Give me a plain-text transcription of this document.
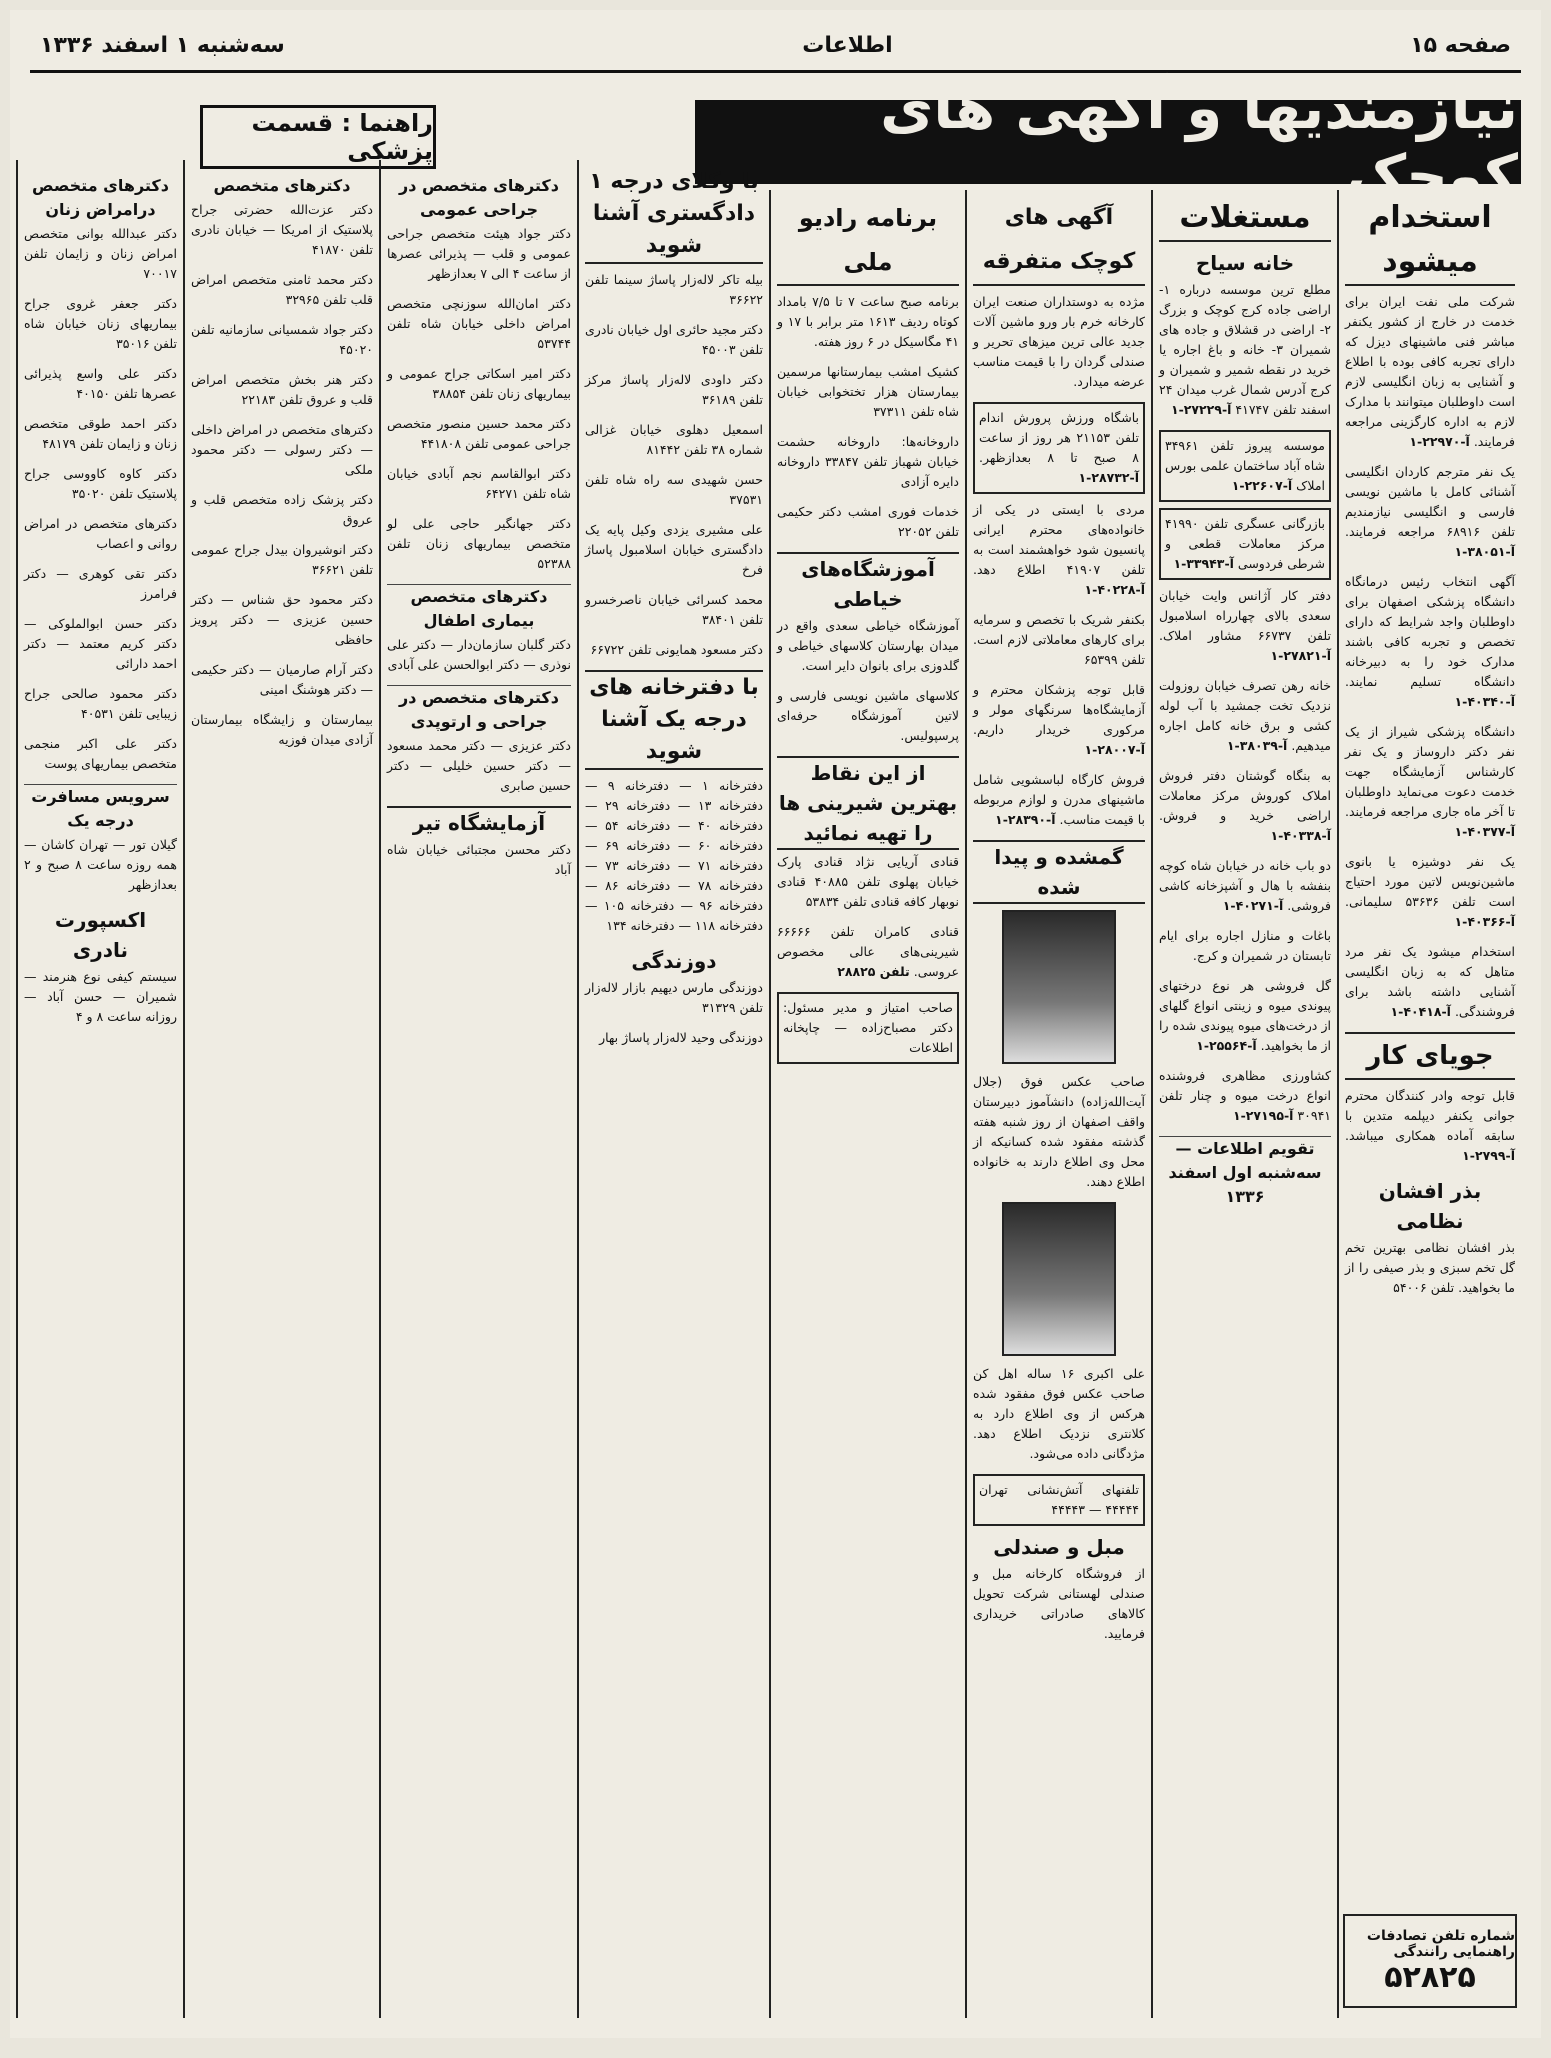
صفحه ۱۵
اطلاعات
سه‌شنبه ۱ اسفند ۱۳۳۶
نیازمندیها و آگهی های کوچک
راهنما : قسمت پزشکی
استخدام میشود

شرکت ملی نفت ایران برای خدمت در خارج از کشور یکنفر مباشر فنی ماشینهای دیزل که دارای تجربه کافی بوده با اطلاع و آشنایی به زبان انگلیسی لازم است داوطلبان میتوانند با مدارک لازم به اداره کارگزینی مراجعه فرمایند. آ-۲۲۹۷۰-۱

یک نفر مترجم کاردان انگلیسی آشنائی کامل با ماشین نویسی فارسی و انگلیسی نیازمندیم تلفن ۶۸۹۱۶ مراجعه فرمایند. آ-۳۸۰۵۱-۱

آگهی انتخاب رئیس درمانگاه دانشگاه پزشکی اصفهان برای داوطلبان واجد شرایط که دارای تخصص و تجربه کافی باشند مدارک خود را به دبیرخانه دانشگاه تسلیم نمایند. آ-۴۰۳۴۰-۱

دانشگاه پزشکی شیراز از یک نفر دکتر داروساز و یک نفر کارشناس آزمایشگاه جهت خدمت دعوت می‌نماید داوطلبان تا آخر ماه جاری مراجعه فرمایند. آ-۴۰۳۷۷-۱

یک نفر دوشیزه یا بانوی ماشین‌نویس لاتین مورد احتیاج است تلفن ۵۳۶۳۶ سلیمانی. آ-۴۰۳۶۶-۱

استخدام میشود یک نفر مرد متاهل که به زبان انگلیسی آشنایی داشته باشد برای فروشندگی. آ-۴۰۴۱۸-۱

جویای کار

قابل توجه وادر کنندگان محترم جوانی یکنفر دیپلمه متدین با سابقه آماده همکاری میباشد. آ-۲۷۹۹-۱

بذر افشان نظامی

بذر افشان نظامی بهترین تخم گل تخم سبزی و بذر صیفی را از ما بخواهید. تلفن ۵۴۰۰۶

مستغلات
خانه سیاح

مطلع ترین موسسه درباره ۱- اراضی جاده کرج کوچک و بزرگ ۲- اراضی در قشلاق و جاده های شمیران ۳- خانه و باغ اجاره یا خرید در نقطه شمیر و شمیران و کرج آدرس شمال غرب میدان ۲۴ اسفند تلفن ۴۱۷۴۷ آ-۲۷۲۲۹-۱

موسسه پیروز تلفن ۳۴۹۶۱ شاه آباد ساختمان علمی بورس املاک آ-۲۲۶۰۷-۱
بازرگانی عسگری تلفن ۴۱۹۹۰ مرکز معاملات قطعی و شرطی فردوسی آ-۳۳۹۴۳-۱

دفتر کار آژانس وایت خیابان سعدی بالای چهارراه اسلامبول تلفن ۶۶۷۳۷ مشاور املاک. آ-۲۷۸۲۱-۱

خانه رهن تصرف خیابان روزولت نزدیک تخت جمشید با آب لوله کشی و برق خانه کامل اجاره میدهیم. آ-۳۸۰۳۹-۱

به بنگاه گوشتان دفتر فروش املاک کوروش مرکز معاملات اراضی خرید و فروش. آ-۴۰۳۳۸-۱

دو باب خانه در خیابان شاه کوچه بنفشه با هال و آشپزخانه کاشی فروشی. آ-۴۰۲۷۱-۱

باغات و منازل اجاره برای ایام تابستان در شمیران و کرج.

گل فروشی هر نوع درختهای پیوندی میوه و زینتی انواع گلهای از درخت‌های میوه پیوندی شده را از ما بخواهید. آ-۲۵۵۶۴-۱

کشاورزی مظاهری فروشنده انواع درخت میوه و چنار تلفن ۳۰۹۴۱ آ-۲۷۱۹۵-۱

تقویم اطلاعات — سه‌شنبه اول اسفند ۱۳۳۶
آگهی های کوچک متفرقه

مژده به دوستداران صنعت ایران کارخانه خرم بار ورو ماشین آلات جدید عالی ترین میزهای تحریر و صندلی گردان را با قیمت مناسب عرضه میدارد.

باشگاه ورزش پرورش اندام تلفن ۲۱۱۵۳ هر روز از ساعت ۸ صبح تا ۸ بعدازظهر. آ-۲۸۷۳۲-۱

مردی با ایستی در یکی از خانواده‌های محترم ایرانی پانسیون شود خواهشمند است به تلفن ۴۱۹۰۷ اطلاع دهد. آ-۴۰۲۲۸-۱

بکنفر شریک با تخصص و سرمایه برای کارهای معاملاتی لازم است. تلفن ۶۵۳۹۹

قابل توجه پزشکان محترم و آزمایشگاه‌ها سرنگهای مولر و مرکوری خریدار داریم. آ-۲۸۰۰۷-۱

فروش کارگاه لباسشویی شامل ماشینهای مدرن و لوازم مربوطه با قیمت مناسب. آ-۲۸۳۹۰-۱

گمشده و پیدا شده

صاحب عکس فوق (جلال آیت‌الله‌زاده) دانشآموز دبیرستان واقف اصفهان از روز شنبه هفته گذشته مفقود شده کسانیکه از محل وی اطلاع دارند به خانواده اطلاع دهند.

علی اکبری ۱۶ ساله اهل کن صاحب عکس فوق مفقود شده هرکس از وی اطلاع دارد به کلانتری نزدیک اطلاع دهد. مژدگانی داده می‌شود.

تلفنهای آتش‌نشانی تهران ۴۴۴۴۴ — ۴۴۴۴۳
مبل و صندلی

از فروشگاه کارخانه مبل و صندلی لهستانی شرکت تحویل کالاهای صادراتی خریداری فرمایید.

برنامه رادیو ملی

برنامه صبح ساعت ۷ تا ۷/۵ بامداد کوتاه ردیف ۱۶۱۳ متر برابر با ۱۷ و ۴۱ مگاسیکل در ۶ روز هفته.

کشیک امشب بیمارستانها مرسمین بیمارستان هزار تختخوابی خیابان شاه تلفن ۳۷۳۱۱

داروخانه‌ها: داروخانه حشمت خیابان شهباز تلفن ۳۳۸۴۷ داروخانه دایره آزادی

خدمات فوری امشب دکتر حکیمی تلفن ۲۲۰۵۲

آموزشگاه‌های خیاطی

آموزشگاه خیاطی سعدی واقع در میدان بهارستان کلاسهای خیاطی و گلدوزی برای بانوان دایر است.

کلاسهای ماشین نویسی فارسی و لاتین آموزشگاه حرفه‌ای پرسپولیس.

از این نقاط بهترین شیرینی ها را تهیه نمائید

قنادی آریایی نژاد قنادی پارک خیابان پهلوی تلفن ۴۰۸۸۵ قنادی نوبهار کافه قنادی تلفن ۵۳۸۳۴

قنادی کامران تلفن ۶۶۶۶۶ شیرینی‌های عالی مخصوص عروسی. تلفن ۲۸۸۲۵

صاحب امتیاز و مدیر مسئول: دکتر مصباح‌زاده — چاپخانه اطلاعات
با وکلای درجه ۱ دادگستری آشنا شوید

بیله تاکر لاله‌زار پاساژ سینما تلفن ۳۶۶۲۲

دکتر مجید حائری اول خیابان نادری تلفن ۴۵۰۰۳

دکتر داودی لاله‌زار پاساژ مرکز تلفن ۳۶۱۸۹

اسمعیل دهلوی خیابان غزالی شماره ۳۸ تلفن ۸۱۴۴۲

حسن شهیدی سه راه شاه تلفن ۳۷۵۳۱

علی مشیری یزدی وکیل پایه یک دادگستری خیابان اسلامبول پاساژ فرخ

محمد کسرائی خیابان ناصرخسرو تلفن ۳۸۴۰۱

دکتر مسعود همایونی تلفن ۶۶۷۲۲

با دفترخانه های درجه یک آشنا شوید

دفترخانه ۱ — دفترخانه ۹ — دفترخانه ۱۳ — دفترخانه ۲۹ — دفترخانه ۴۰ — دفترخانه ۵۴ — دفترخانه ۶۰ — دفترخانه ۶۹ — دفترخانه ۷۱ — دفترخانه ۷۳ — دفترخانه ۷۸ — دفترخانه ۸۶ — دفترخانه ۹۶ — دفترخانه ۱۰۵ — دفترخانه ۱۱۸ — دفترخانه ۱۳۴

دوزندگی

دوزندگی مارس دیهیم بازار لاله‌زار تلفن ۳۱۳۲۹

دوزندگی وحید لاله‌زار پاساژ بهار

دکترهای متخصص در جراحی عمومی

دکتر جواد هیئت متخصص جراحی عمومی و قلب — پذیرائی عصرها از ساعت ۴ الی ۷ بعدازظهر

دکتر امان‌الله سوزنچی متخصص امراض داخلی خیابان شاه تلفن ۵۳۷۴۴

دکتر امیر اسکاتی جراح عمومی و بیماریهای زنان تلفن ۳۸۸۵۴

دکتر محمد حسین منصور متخصص جراحی عمومی تلفن ۴۴۱۸۰۸

دکتر ابوالقاسم نجم آبادی خیابان شاه تلفن ۶۴۲۷۱

دکتر جهانگیر حاجی علی لو متخصص بیماریهای زنان تلفن ۵۲۳۸۸

دکترهای متخصص بیماری اطفال

دکتر گلبان سازمان‌دار — دکتر علی نوذری — دکتر ابوالحسن علی آبادی

دکترهای متخصص در جراحی و ارتوپدی

دکتر عزیزی — دکتر محمد مسعود — دکتر حسین خلیلی — دکتر حسین صابری

آزمایشگاه تیر

دکتر محسن مجتبائی خیابان شاه آباد

دکترهای متخصص

دکتر عزت‌الله حضرتی جراح پلاستیک از امریکا — خیابان نادری تلفن ۴۱۸۷۰

دکتر محمد ثامنی متخصص امراض قلب تلفن ۳۲۹۶۵

دکتر جواد شمسیانی سازمانیه تلفن ۴۵۰۲۰

دکتر هنر بخش متخصص امراض قلب و عروق تلفن ۲۲۱۸۳

دکترهای متخصص در امراض داخلی — دکتر رسولی — دکتر محمود ملکی

دکتر پزشک زاده متخصص قلب و عروق

دکتر انوشیروان بیدل جراح عمومی تلفن ۳۶۶۲۱

دکتر محمود حق شناس — دکتر حسین عزیزی — دکتر پرویز حافظی

دکتر آرام صارمیان — دکتر حکیمی — دکتر هوشنگ امینی

بیمارستان و زایشگاه بیمارستان آزادی میدان فوزیه

دکترهای متخصص درامراض زنان

دکتر عبدالله بوانی متخصص امراض زنان و زایمان تلفن ۷۰۰۱۷

دکتر جعفر غروی جراح بیماریهای زنان خیابان شاه تلفن ۳۵۰۱۶

دکتر علی واسع پذیرائی عصرها تلفن ۴۰۱۵۰

دکتر احمد طوقی متخصص زنان و زایمان تلفن ۴۸۱۷۹

دکتر کاوه کاووسی جراح پلاستیک تلفن ۳۵۰۲۰

دکترهای متخصص در امراض روانی و اعصاب

دکتر تقی کوهری — دکتر فرامرز

دکتر حسن ابوالملوکی — دکتر کریم معتمد — دکتر احمد دارائی

دکتر محمود صالحی جراح زیبایی تلفن ۴۰۵۳۱

دکتر علی اکبر منجمی متخصص بیماریهای پوست

سرویس مسافرت درجه یک

گیلان تور — تهران کاشان — همه روزه ساعت ۸ صبح و ۲ بعدازظهر

اکسپورت نادری

سیستم کیفی نوع هنرمند — شمیران — حسن آباد — روزانه ساعت ۸ و ۴

شماره تلفن تصادفات راهنمایی رانندگی
۵۲۸۲۵
